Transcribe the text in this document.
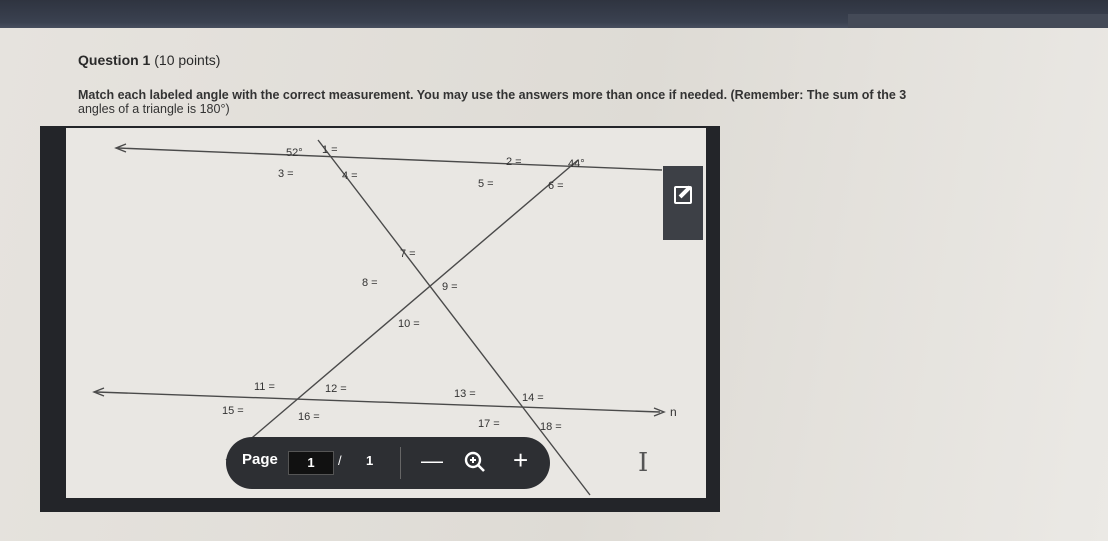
Question 1 (10 points)
Match each labeled angle with the correct measurement. You may use the answers more than once if needed. (Remember: The sum of the 3
angles of a triangle is 180°)
52° 1 =
2 =	44°
3 =	4 =
5 =	6 =
7 =
8 =	9 =
10 =
11 =	12 =	13 =	14 =
15 =	16 =
17 =	18 =
n
Page	1	/ 1 —	+	I
